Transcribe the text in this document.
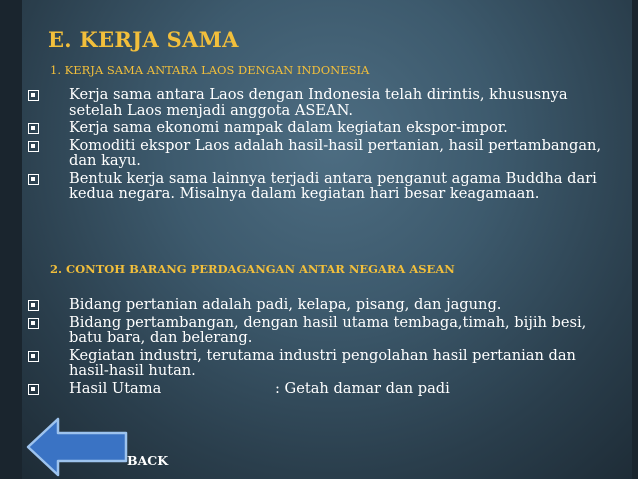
E. KERJA SAMA

1. KERJA SAMA ANTARA LAOS DENGAN INDONESIA

Kerja sama antara Laos dengan Indonesia telah dirintis, khususnya setelah Laos menjadi anggota ASEAN.
Kerja sama ekonomi nampak dalam kegiatan ekspor-impor.
Komoditi ekspor Laos adalah hasil-hasil pertanian, hasil pertambangan, dan kayu.
Bentuk kerja sama lainnya terjadi antara penganut agama Buddha dari kedua negara. Misalnya dalam kegiatan hari besar keagamaan.

2. CONTOH BARANG PERDAGANGAN ANTAR NEGARA ASEAN

Bidang pertanian adalah padi, kelapa, pisang, dan jagung.
Bidang pertambangan, dengan hasil utama tembaga,timah, bijih besi, batu bara, dan belerang.
Kegiatan industri, terutama industri pengolahan hasil pertanian dan hasil-hasil hutan.
Hasil Utama	: Getah damar dan padi

BACK
